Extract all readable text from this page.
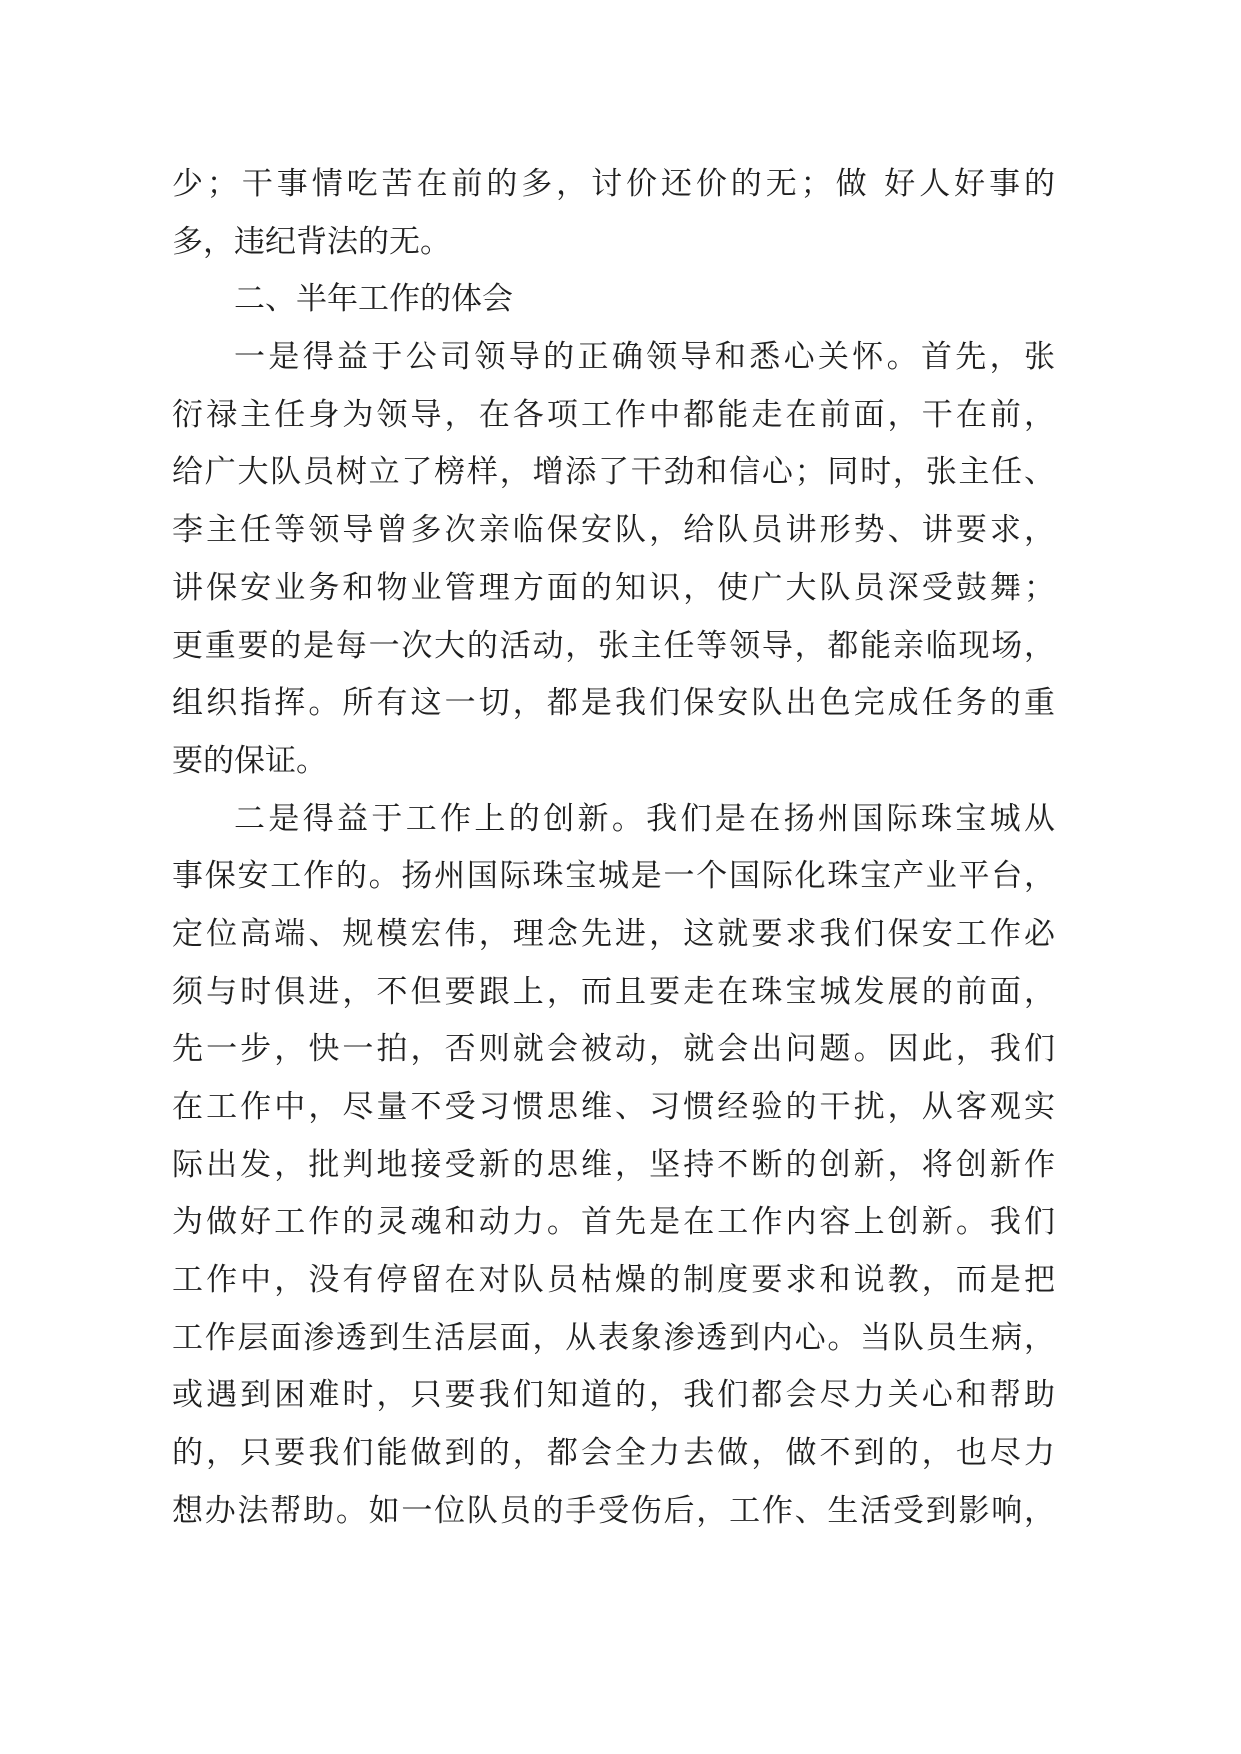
少；干事情吃苦在前的多，讨价还价的无；做 好人好事的
多，违纪背法的无。
二、半年工作的体会
一是得益于公司领导的正确领导和悉心关怀。首先，张
衍禄主任身为领导，在各项工作中都能走在前面，干在前，
给广大队员树立了榜样，增添了干劲和信心；同时，张主任、
李主任等领导曾多次亲临保安队，给队员讲形势、讲要求，
讲保安业务和物业管理方面的知识，使广大队员深受鼓舞；
更重要的是每一次大的活动，张主任等领导，都能亲临现场，
组织指挥。所有这一切，都是我们保安队出色完成任务的重
要的保证。
二是得益于工作上的创新。我们是在扬州国际珠宝城从
事保安工作的。扬州国际珠宝城是一个国际化珠宝产业平台，
定位高端、规模宏伟，理念先进，这就要求我们保安工作必
须与时俱进，不但要跟上，而且要走在珠宝城发展的前面，
先一步，快一拍，否则就会被动，就会出问题。因此，我们
在工作中，尽量不受习惯思维、习惯经验的干扰，从客观实
际出发，批判地接受新的思维，坚持不断的创新，将创新作
为做好工作的灵魂和动力。首先是在工作内容上创新。我们
工作中，没有停留在对队员枯燥的制度要求和说教，而是把
工作层面渗透到生活层面，从表象渗透到内心。当队员生病，
或遇到困难时，只要我们知道的，我们都会尽力关心和帮助
的，只要我们能做到的，都会全力去做，做不到的，也尽力
想办法帮助。如一位队员的手受伤后，工作、生活受到影响，
